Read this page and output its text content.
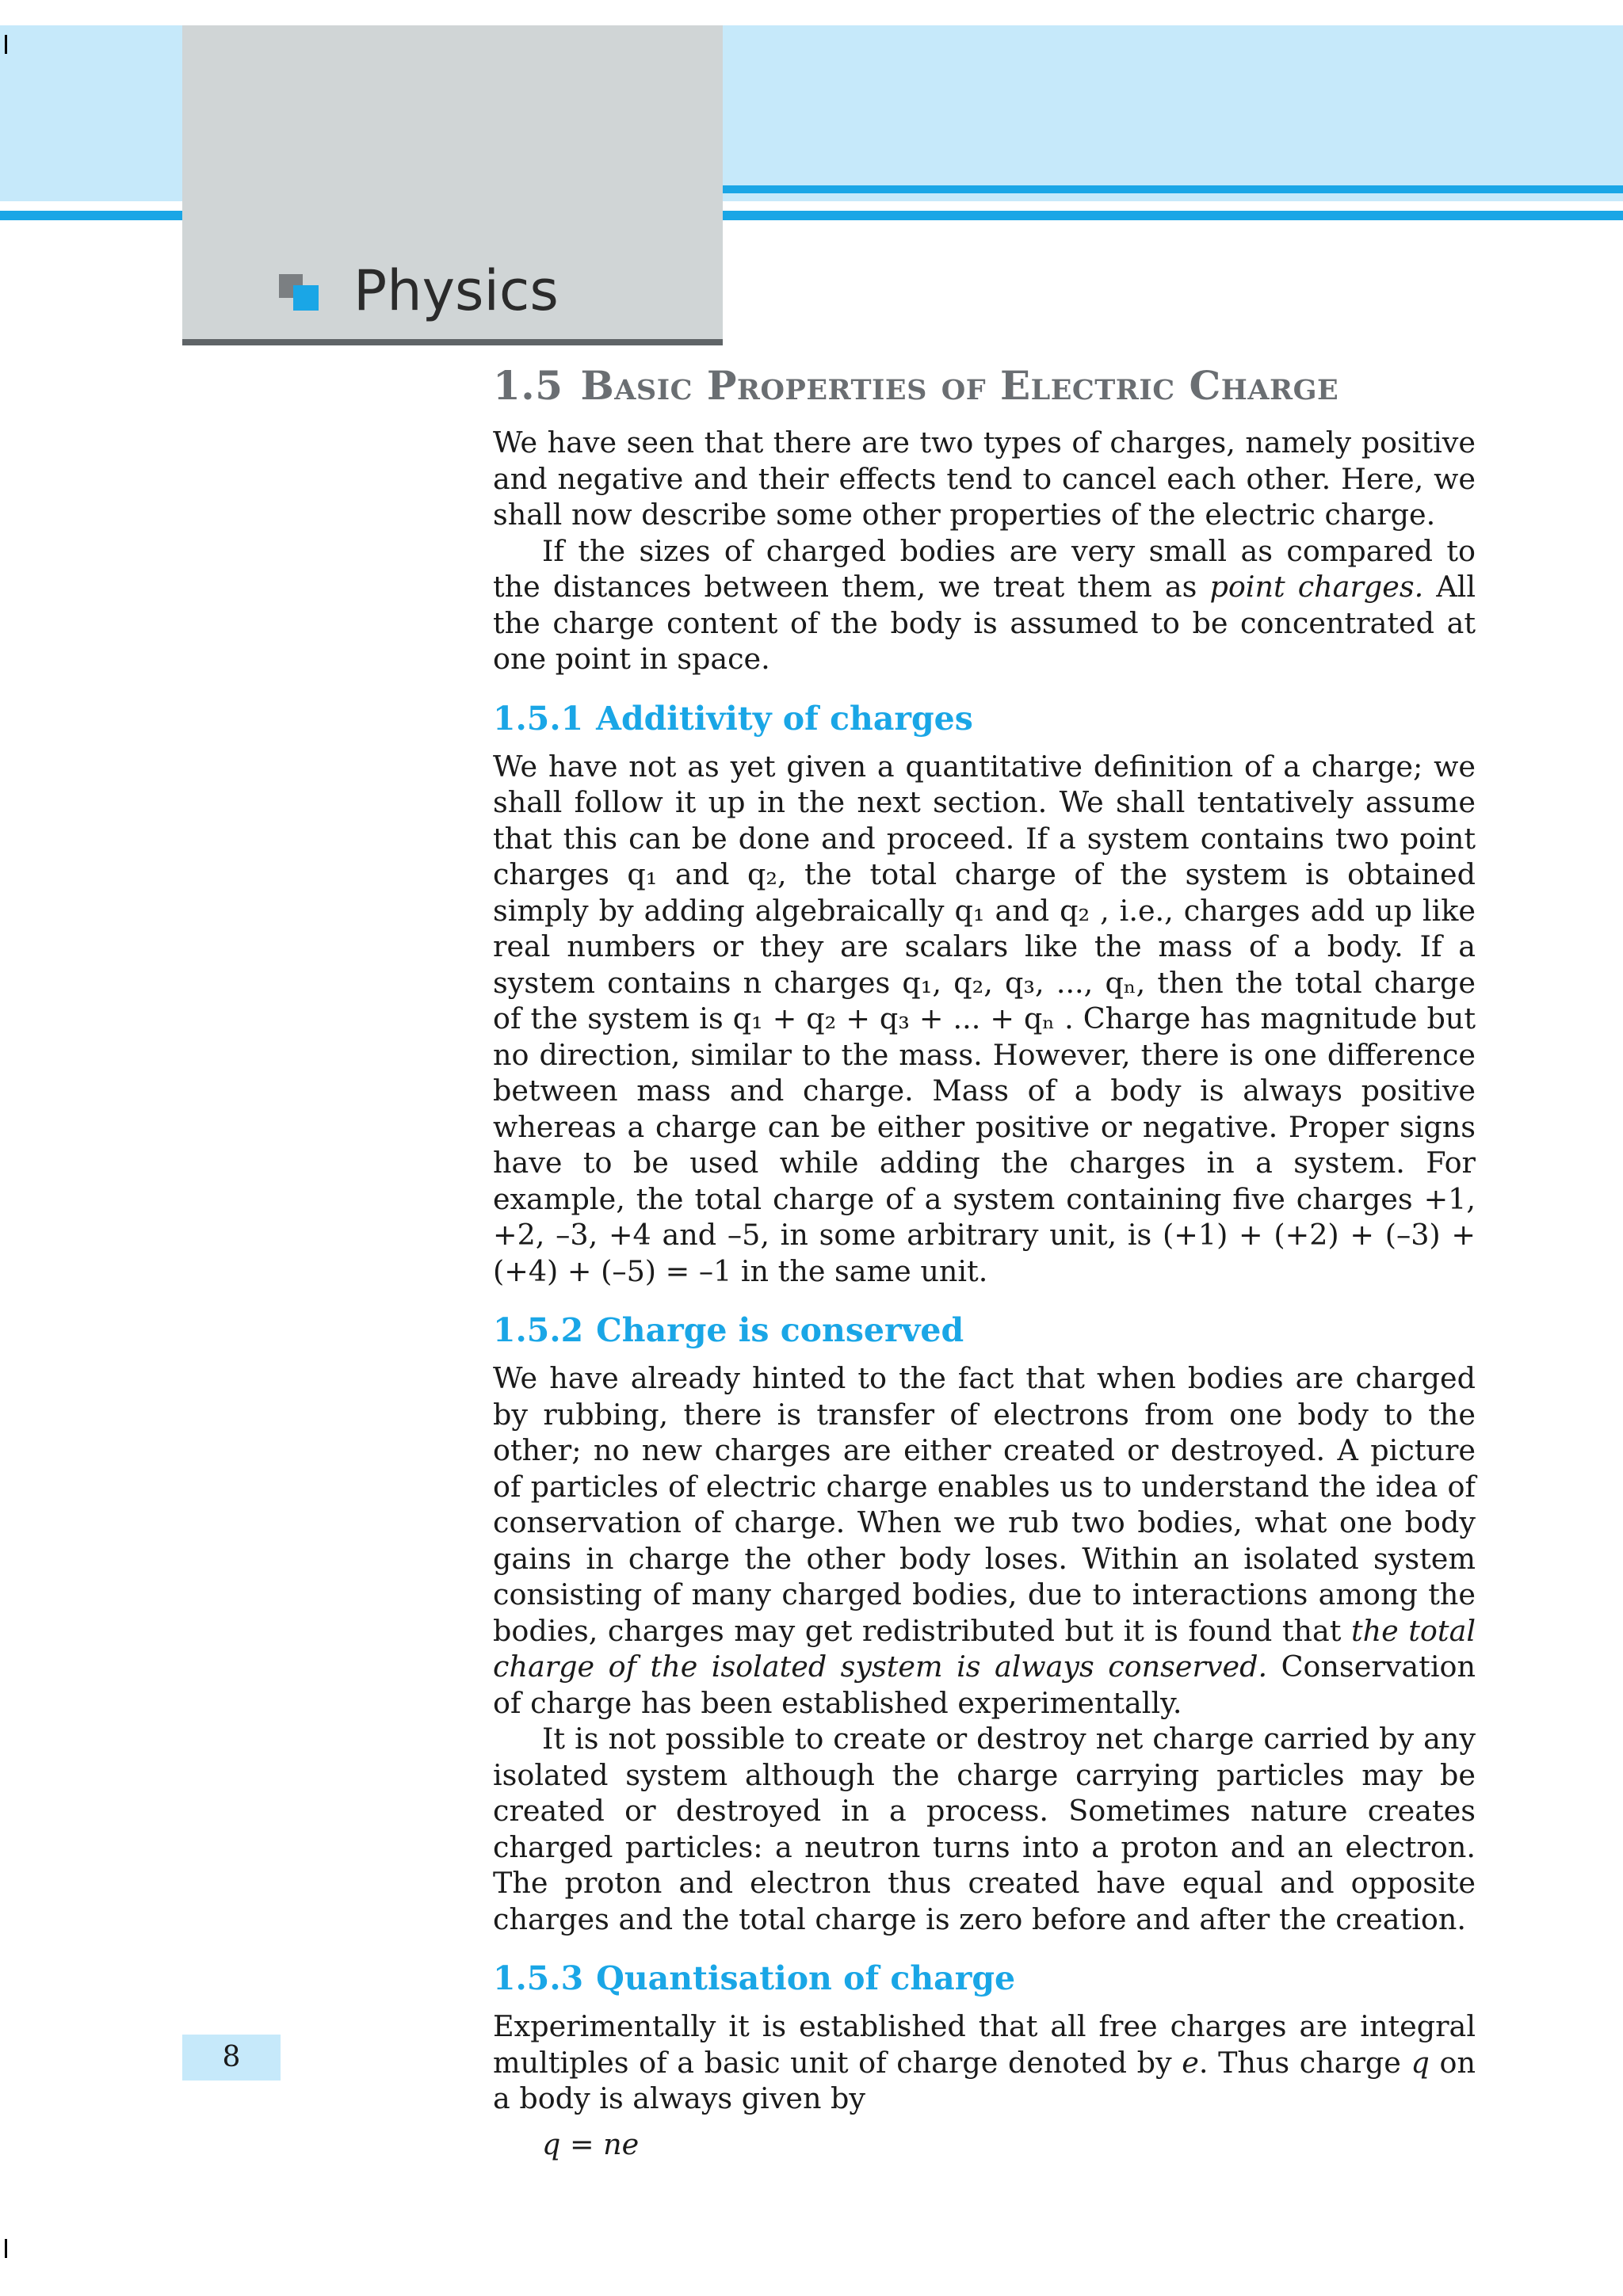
Physics
1.5 Basic Properties of Electric Charge

We have seen that there are two types of charges, namely positive and negative and their effects tend to cancel each other. Here, we shall now describe some other properties of the electric charge.

If the sizes of charged bodies are very small as compared to the distances between them, we treat them as point charges. All the charge content of the body is assumed to be concentrated at one point in space.

1.5.1 Additivity of charges

We have not as yet given a quantitative definition of a charge; we shall follow it up in the next section. We shall tentatively assume that this can be done and proceed. If a system contains two point charges q₁ and q₂, the total charge of the system is obtained simply by adding algebraically q₁ and q₂ , i.e., charges add up like real numbers or they are scalars like the mass of a body. If a system contains n charges q₁, q₂, q₃, ..., qₙ, then the total charge of the system is q₁ + q₂ + q₃ + ... + qₙ . Charge has magnitude but no direction, similar to the mass. However, there is one difference between mass and charge. Mass of a body is always positive whereas a charge can be either positive or negative. Proper signs have to be used while adding the charges in a system. For example, the total charge of a system containing five charges +1, +2, –3, +4 and –5, in some arbitrary unit, is (+1) + (+2) + (–3) + (+4) + (–5) = –1 in the same unit.

1.5.2 Charge is conserved

We have already hinted to the fact that when bodies are charged by rubbing, there is transfer of electrons from one body to the other; no new charges are either created or destroyed. A picture of particles of electric charge enables us to understand the idea of conservation of charge. When we rub two bodies, what one body gains in charge the other body loses. Within an isolated system consisting of many charged bodies, due to interactions among the bodies, charges may get redistributed but it is found that the total charge of the isolated system is always conserved. Conservation of charge has been established experimentally.

It is not possible to create or destroy net charge carried by any isolated system although the charge carrying particles may be created or destroyed in a process. Sometimes nature creates charged particles: a neutron turns into a proton and an electron. The proton and electron thus created have equal and opposite charges and the total charge is zero before and after the creation.

1.5.3 Quantisation of charge

Experimentally it is established that all free charges are integral multiples of a basic unit of charge denoted by e. Thus charge q on a body is always given by

q = ne
8
